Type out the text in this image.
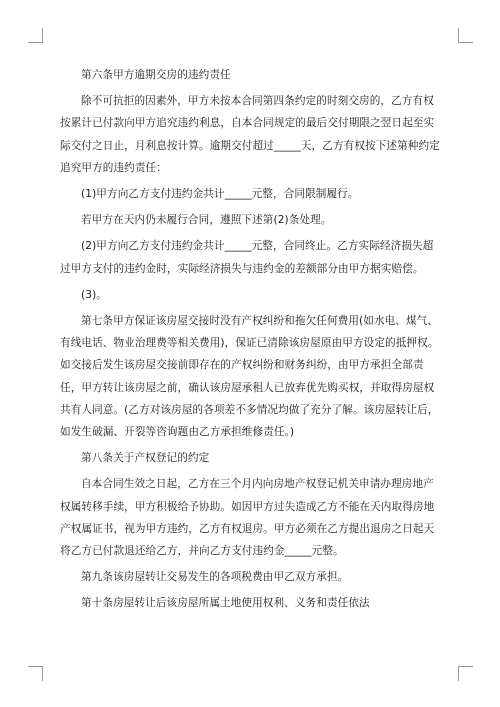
第六条甲方逾期交房的违约责任

除不可抗拒的因素外，甲方未按本合同第四条约定的时刻交房的，乙方有权按累计已付款向甲方追究违约利息，自本合同规定的最后交付期限之翌日起至实际交付之日止，月利息按计算。逾期交付超过_____天，乙方有权按下述第种约定追究甲方的违约责任：

(1)甲方向乙方支付违约金共计_____元整，合同限制履行。

若甲方在天内仍未履行合同，遵照下述第(2)条处理。

(2)甲方向乙方支付违约金共计_____元整，合同终止。乙方实际经济损失超过甲方支付的违约金时，实际经济损失与违约金的差额部分由甲方据实赔偿。

(3)。

第七条甲方保证该房屋交接时没有产权纠纷和拖欠任何费用(如水电、煤气、有线电话、物业治理费等相关费用)，保证已清除该房屋原由甲方设定的抵押权。如交接后发生该房屋交接前即存在的产权纠纷和财务纠纷，由甲方承担全部责任，甲方转让该房屋之前，确认该房屋承租人已放弃优先购买权，并取得房屋权共有人同意。(乙方对该房屋的各项差不多情况均做了充分了解。该房屋转让后，如发生破漏、开裂等咨询题由乙方承担维修责任。)

第八条关于产权登记的约定

自本合同生效之日起，乙方在三个月内向房地产权登记机关申请办理房地产权属转移手续，甲方积极给予协助。如因甲方过失造成乙方不能在天内取得房地产权属证书，视为甲方违约，乙方有权退房。甲方必须在乙方提出退房之日起天将乙方已付款退还给乙方，并向乙方支付违约金_____元整。

第九条该房屋转让交易发生的各项税费由甲乙双方承担。

第十条房屋转让后该房屋所属土地使用权利、义务和责任依法
